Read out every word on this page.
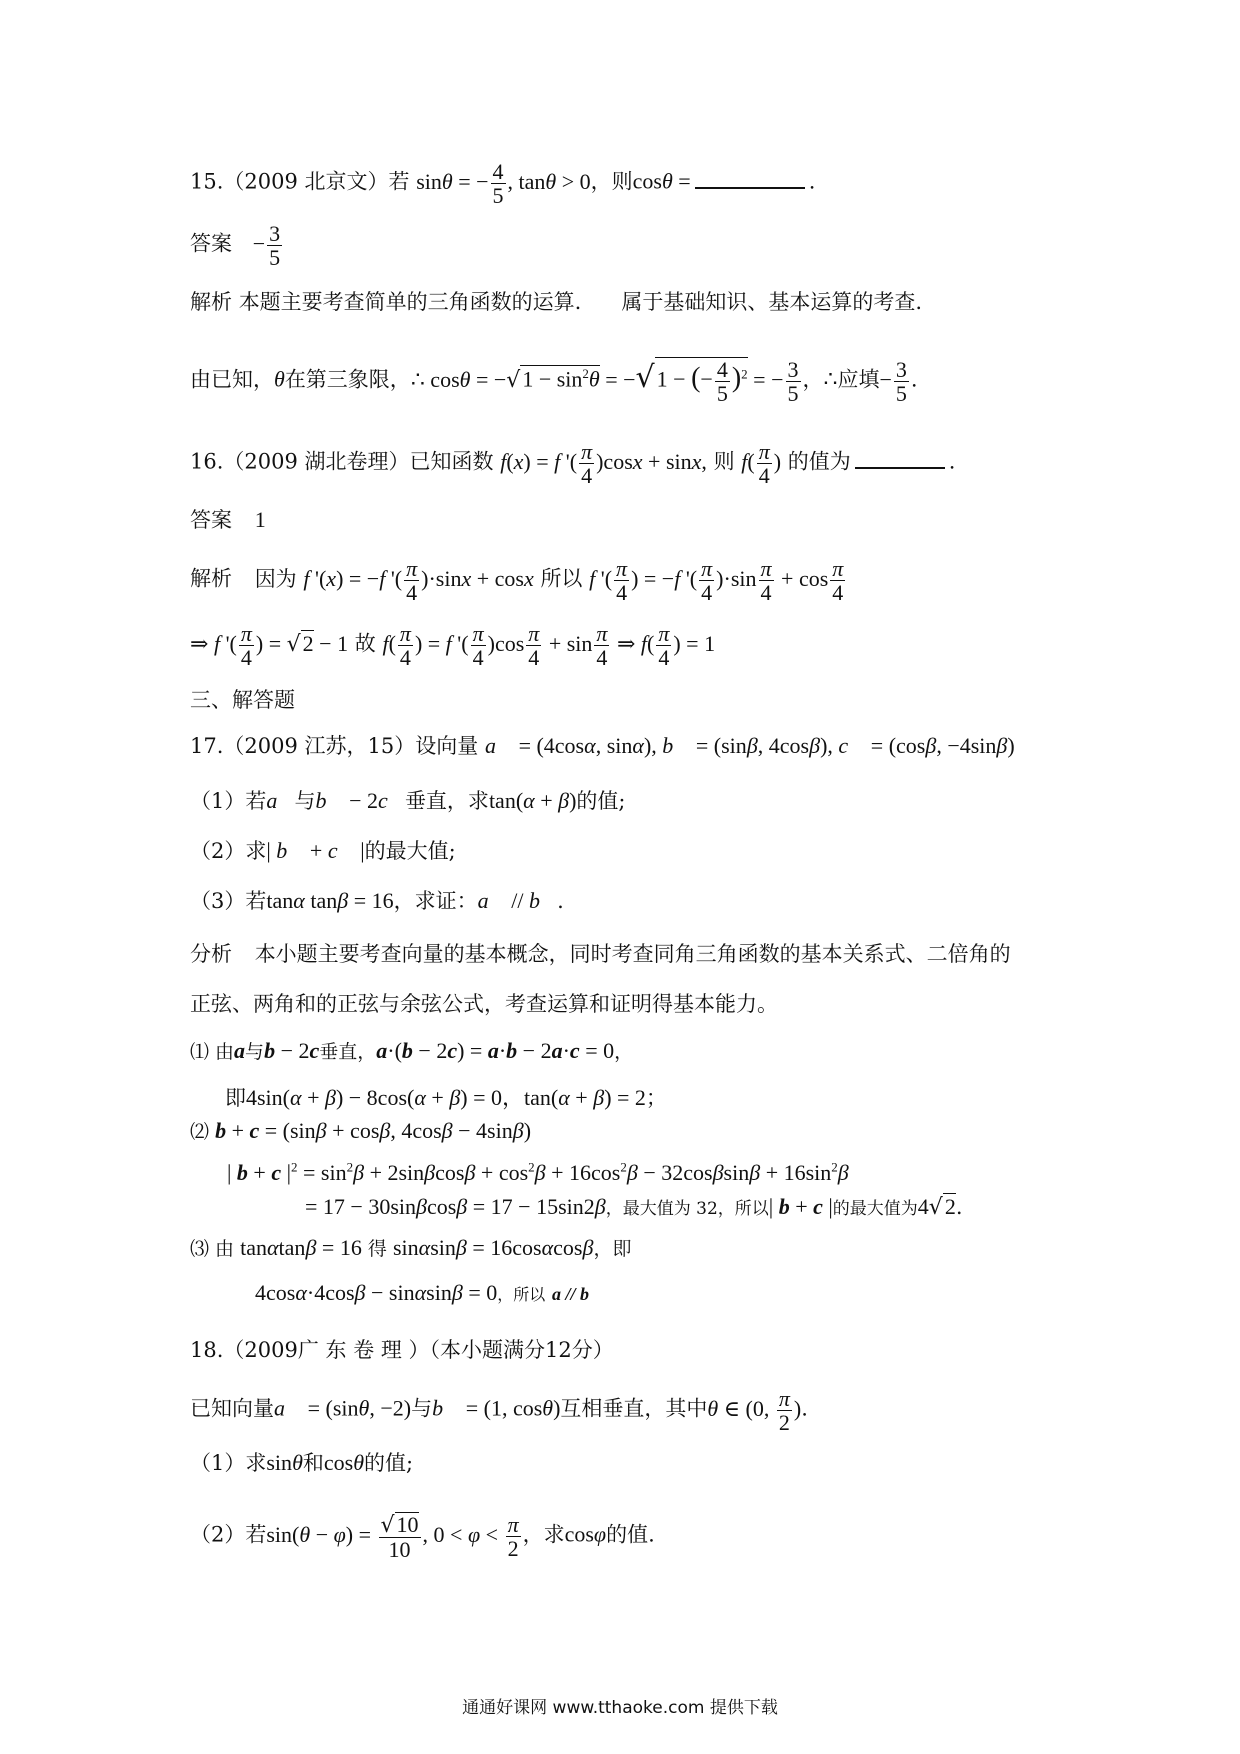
15.（2009 北京文）若 sinθ = − $\frac{4}{5}$ , tanθ > 0，则cosθ =	.
答案 − $\frac{3}{5}$
解析 本题主要考查简单的三角函数的运算. 属于基础知识、基本运算的考查.
由已知，θ在第三象限，∴ $\cos\theta = -√1 - \sin^2\theta = -√1$ − (− $\frac{4}{5} )^2$ = − $\frac{3}{5}$ ，∴应填− $\frac{3}{5}$ .
16.（2009 湖北卷理）已知函数 f(x) = f '( $\frac{\pi}{4} )\cos x + \sin x$, 则 $f( \frac{\pi}{4}$ ) 的值为	.
答案 1
解析 因为 f '(x) = −f '( $\frac{\pi}{4} )\cdot\sin x + \cos x$ 所以 f '( $\frac{\pi}{4}$ ) = −f '( $\frac{\pi}{4} )\cdot\sin \frac{\pi}{4} + \cos \frac{\pi}{4}$
⇒ f '( $\frac{\pi}{4}$ ) = √2 − 1 故 $f( \frac{\pi}{4}$ ) = f '( $\frac{\pi}{4} )\cos \frac{\pi}{4} + \sin \frac{\pi}{4}$ ⇒ $f( \frac{\pi}{4}$ ) = 1
三、解答题
17.（2009 江苏，15）设向量 a⃗ = (4cosα, sinα), b⃗ = (sinβ, 4cosβ), c⃗ = (cosβ, −4sinβ)
（1）若a⃗与b⃗ − 2c⃗垂直，求tan(α + β)的值;
（2）求| b⃗ + c⃗ |的最大值;
（3）若tanα tanβ = 16，求证：a⃗ // b⃗.
分析 本小题主要考查向量的基本概念，同时考查同角三角函数的基本关系式、二倍角的
正弦、两角和的正弦与余弦公式，考查运算和证明得基本能力。
⑴ 由a与b − 2c垂直，a·(b − 2c) = a·b − 2a·c = 0，
即4sin(α + β) − 8cos(α + β) = 0，tan(α + β) = 2；
⑵ b + c = (sinβ + cosβ, 4cosβ − 4sinβ)
| b + c $|^2 = \sin^2\beta + 2\sin\beta\cos\beta + \cos^2\beta + 16\cos^2\beta - 32\cos\beta\sin\beta + 16\sin^2\beta$
= 17 − 30sinβcosβ = 17 − 15sin2β，最大值为 32，所以| b + c |的最大值为4√2.
⑶ 由 tanαtanβ = 16 得 sinαsinβ = 16cosαcosβ，即
4cosα·4cosβ − sinαsinβ = 0，所以 a // b
18.（2009广 东 卷 理 ）（本小题满分12分）
已知向量a⃗ = (sinθ, −2)与b⃗ = (1, cosθ)互相垂直，其中θ ∈ (0, $\frac{\pi}{2}$ ).
（1）求sinθ和cosθ的值;
（2）若$\sin(\theta - \varphi) = \frac{√10}{10}$ , $0 < \varphi < \frac{\pi}{2}$ ，求cosφ的值.
通通好课网 www.tthaoke.com 提供下载
